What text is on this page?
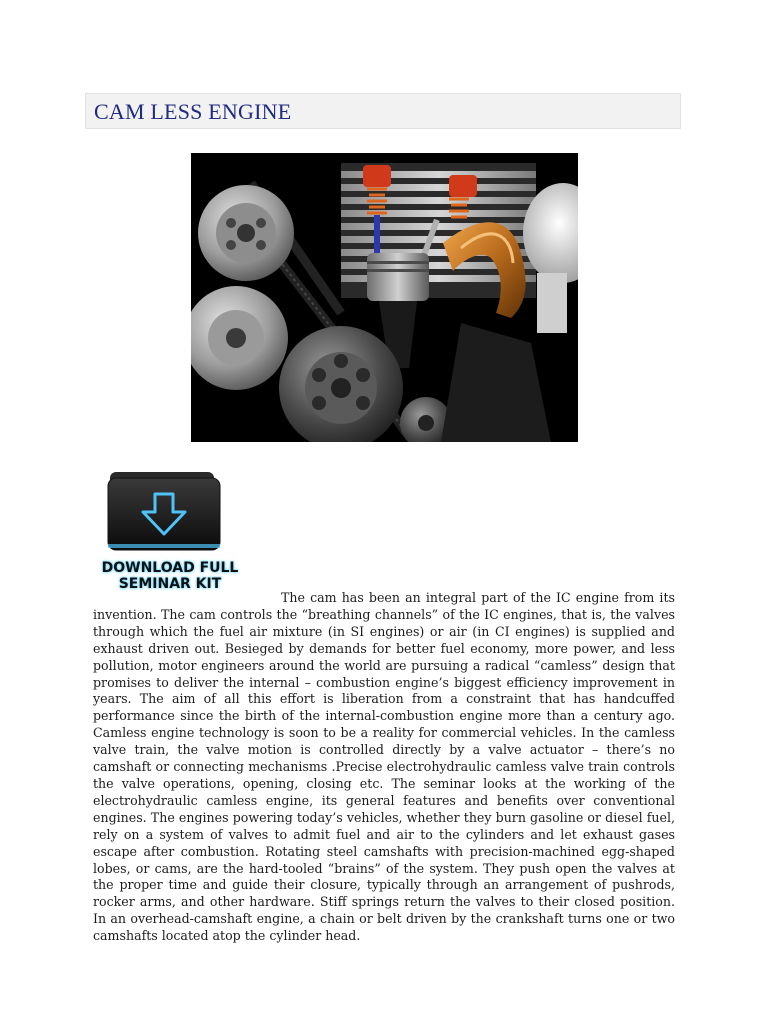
CAM LESS ENGINE
DOWNLOAD FULL
SEMINAR KIT

The cam has been an integral part of the IC engine from its invention. The cam controls the “breathing channels” of the IC engines, that is, the valves through which the fuel air mixture (in SI engines) or air (in CI engines) is supplied and exhaust driven out. Besieged by demands for better fuel economy, more power, and less pollution, motor engineers around the world are pursuing a radical “camless” design that promises to deliver the internal – combustion engine’s biggest efficiency improvement in years. The aim of all this effort is liberation from a constraint that has handcuffed performance since the birth of the internal-combustion engine more than a century ago. Camless engine technology is soon to be a reality for commercial vehicles. In the camless valve train, the valve motion is controlled directly by a valve actuator – there’s no camshaft or connecting mechanisms .Precise electrohydraulic camless valve train controls the valve operations, opening, closing etc. The seminar looks at the working of the electrohydraulic camless engine, its general features and benefits over conventional engines. The engines powering today’s vehicles, whether they burn gasoline or diesel fuel, rely on a system of valves to admit fuel and air to the cylinders and let exhaust gases escape after combustion. Rotating steel camshafts with precision-machined egg-shaped lobes, or cams, are the hard-tooled “brains” of the system. They push open the valves at the proper time and guide their closure, typically through an arrangement of pushrods, rocker arms, and other hardware. Stiff springs return the valves to their closed position. In an overhead-camshaft engine, a chain or belt driven by the crankshaft turns one or two camshafts located atop the cylinder head.
